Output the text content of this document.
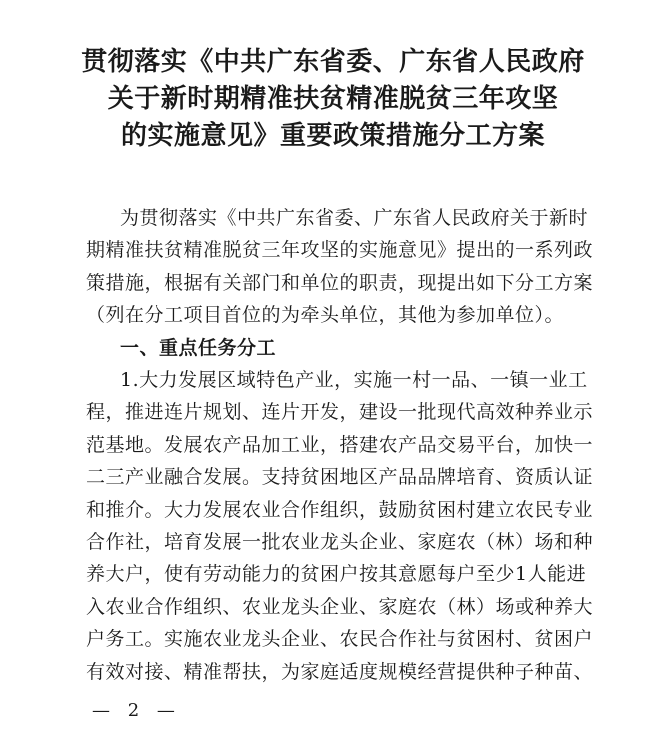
贯彻落实《中共广东省委、广东省人民政府
关于新时期精准扶贫精准脱贫三年攻坚
的实施意见》重要政策措施分工方案
为贯彻落实《中共广东省委、广东省人民政府关于新时
期精准扶贫精准脱贫三年攻坚的实施意见》提出的一系列政
策措施，根据有关部门和单位的职责，现提出如下分工方案
（列在分工项目首位的为牵头单位，其他为参加单位）。
一、重点任务分工
1.大力发展区域特色产业，实施一村一品、一镇一业工
程，推进连片规划、连片开发，建设一批现代高效种养业示
范基地。发展农产品加工业，搭建农产品交易平台，加快一
二三产业融合发展。支持贫困地区产品品牌培育、资质认证
和推介。大力发展农业合作组织，鼓励贫困村建立农民专业
合作社，培育发展一批农业龙头企业、家庭农（林）场和种
养大户，使有劳动能力的贫困户按其意愿每户至少1人能进
入农业合作组织、农业龙头企业、家庭农（林）场或种养大
户务工。实施农业龙头企业、农民合作社与贫困村、贫困户
有效对接、精准帮扶，为家庭适度规模经营提供种子种苗、
— 2 —
